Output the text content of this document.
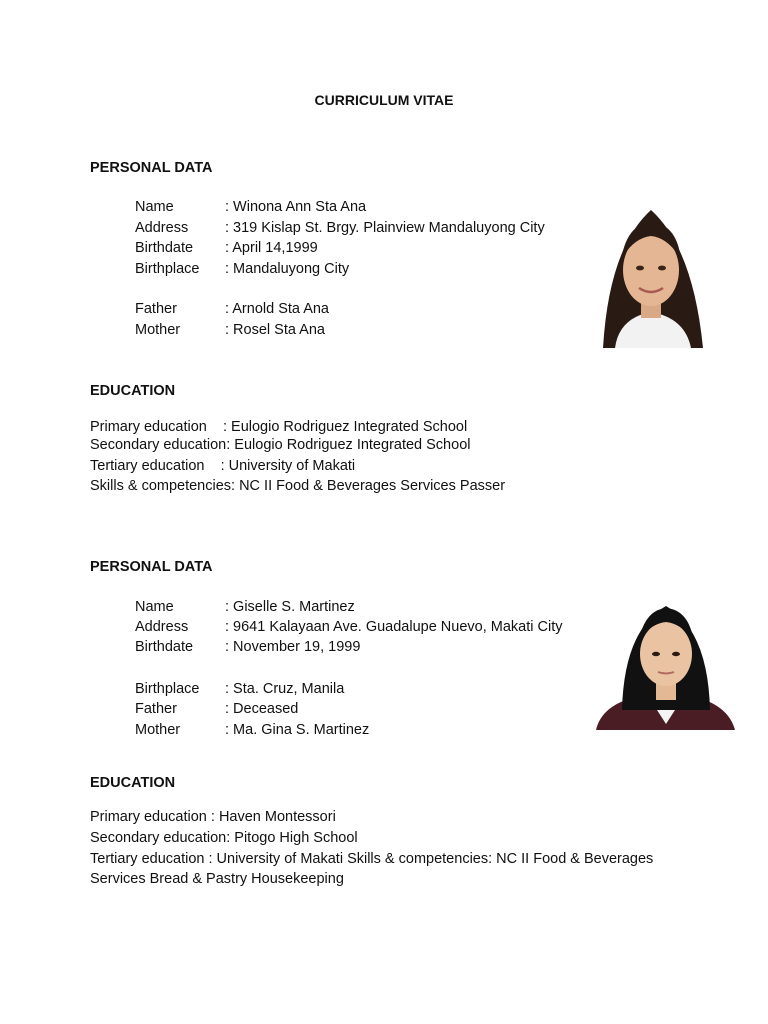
CURRICULUM VITAE
PERSONAL DATA
Name	: Winona Ann Sta Ana
Address	: 319 Kislap St. Brgy. Plainview Mandaluyong City
Birthdate : April 14,1999
Birthplace : Mandaluyong City
Father	: Arnold Sta Ana
Mother	: Rosel Sta Ana
EDUCATION
Primary education    : Eulogio Rodriguez Integrated School
Secondary education: Eulogio Rodriguez Integrated School
Tertiary education    : University of Makati
Skills & competencies: NC II Food & Beverages Services Passer
PERSONAL DATA
Name	: Giselle S. Martinez
Address	: 9641 Kalayaan Ave. Guadalupe Nuevo, Makati City
Birthdate : November 19, 1999
Birthplace : Sta. Cruz, Manila
Father	: Deceased
Mother	: Ma. Gina S. Martinez
EDUCATION
Primary education : Haven Montessori
Secondary education: Pitogo High School
Tertiary education : University of Makati Skills & competencies: NC II Food & Beverages
Services Bread & Pastry Housekeeping
